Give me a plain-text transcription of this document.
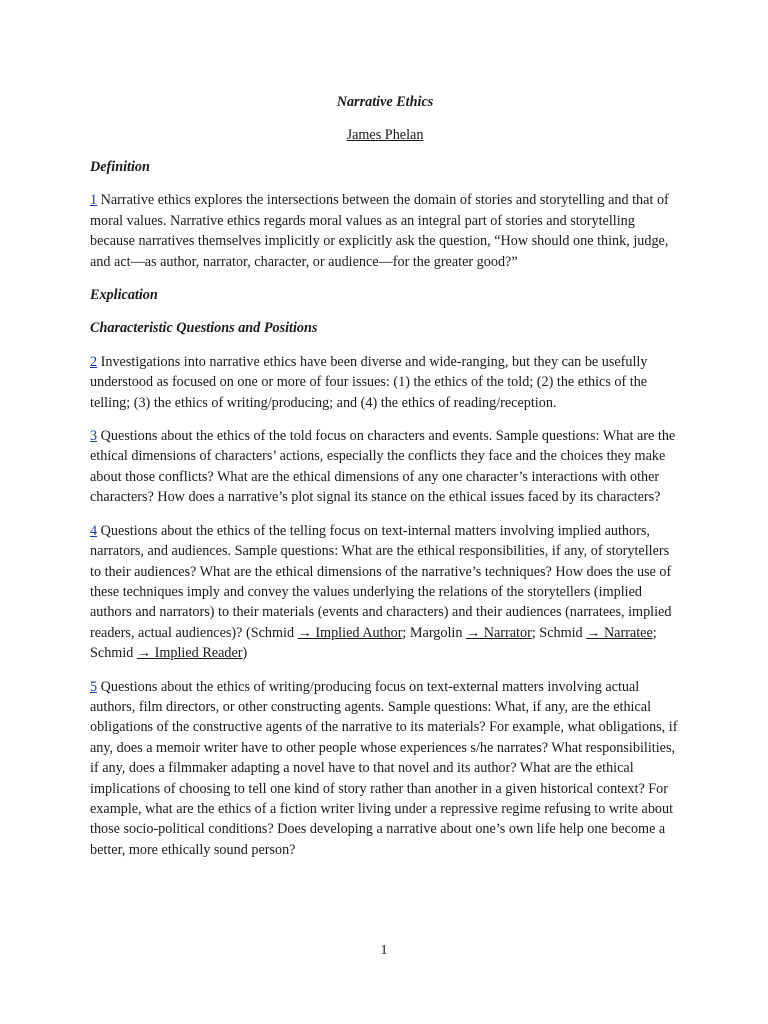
Narrative Ethics
James Phelan
Definition

1 Narrative ethics explores the intersections between the domain of stories and storytelling and that of moral values. Narrative ethics regards moral values as an integral part of stories and storytelling because narratives themselves implicitly or explicitly ask the question, “How should one think, judge, and act—as author, narrator, character, or audience—for the greater good?”

Explication
Characteristic Questions and Positions

2 Investigations into narrative ethics have been diverse and wide-ranging, but they can be usefully understood as focused on one or more of four issues: (1) the ethics of the told; (2) the ethics of the telling; (3) the ethics of writing/producing; and (4) the ethics of reading/reception.

3 Questions about the ethics of the told focus on characters and events. Sample questions: What are the ethical dimensions of characters’ actions, especially the conflicts they face and the choices they make about those conflicts? What are the ethical dimensions of any one character’s interactions with other characters? How does a narrative’s plot signal its stance on the ethical issues faced by its characters?

4 Questions about the ethics of the telling focus on text-internal matters involving implied authors, narrators, and audiences. Sample questions: What are the ethical responsibilities, if any, of storytellers to their audiences? What are the ethical dimensions of the narrative’s techniques? How does the use of these techniques imply and convey the values underlying the relations of the storytellers (implied authors and narrators) to their materials (events and characters) and their audiences (narratees, implied readers, actual audiences)? (Schmid → Implied Author; Margolin → Narrator; Schmid → Narratee; Schmid → Implied Reader)

5 Questions about the ethics of writing/producing focus on text-external matters involving actual authors, film directors, or other constructing agents. Sample questions: What, if any, are the ethical obligations of the constructive agents of the narrative to its materials? For example, what obligations, if any, does a memoir writer have to other people whose experiences s/he narrates? What responsibilities, if any, does a filmmaker adapting a novel have to that novel and its author? What are the ethical implications of choosing to tell one kind of story rather than another in a given historical context? For example, what are the ethics of a fiction writer living under a repressive regime refusing to write about those socio-political conditions? Does developing a narrative about one’s own life help one become a better, more ethically sound person?

1
